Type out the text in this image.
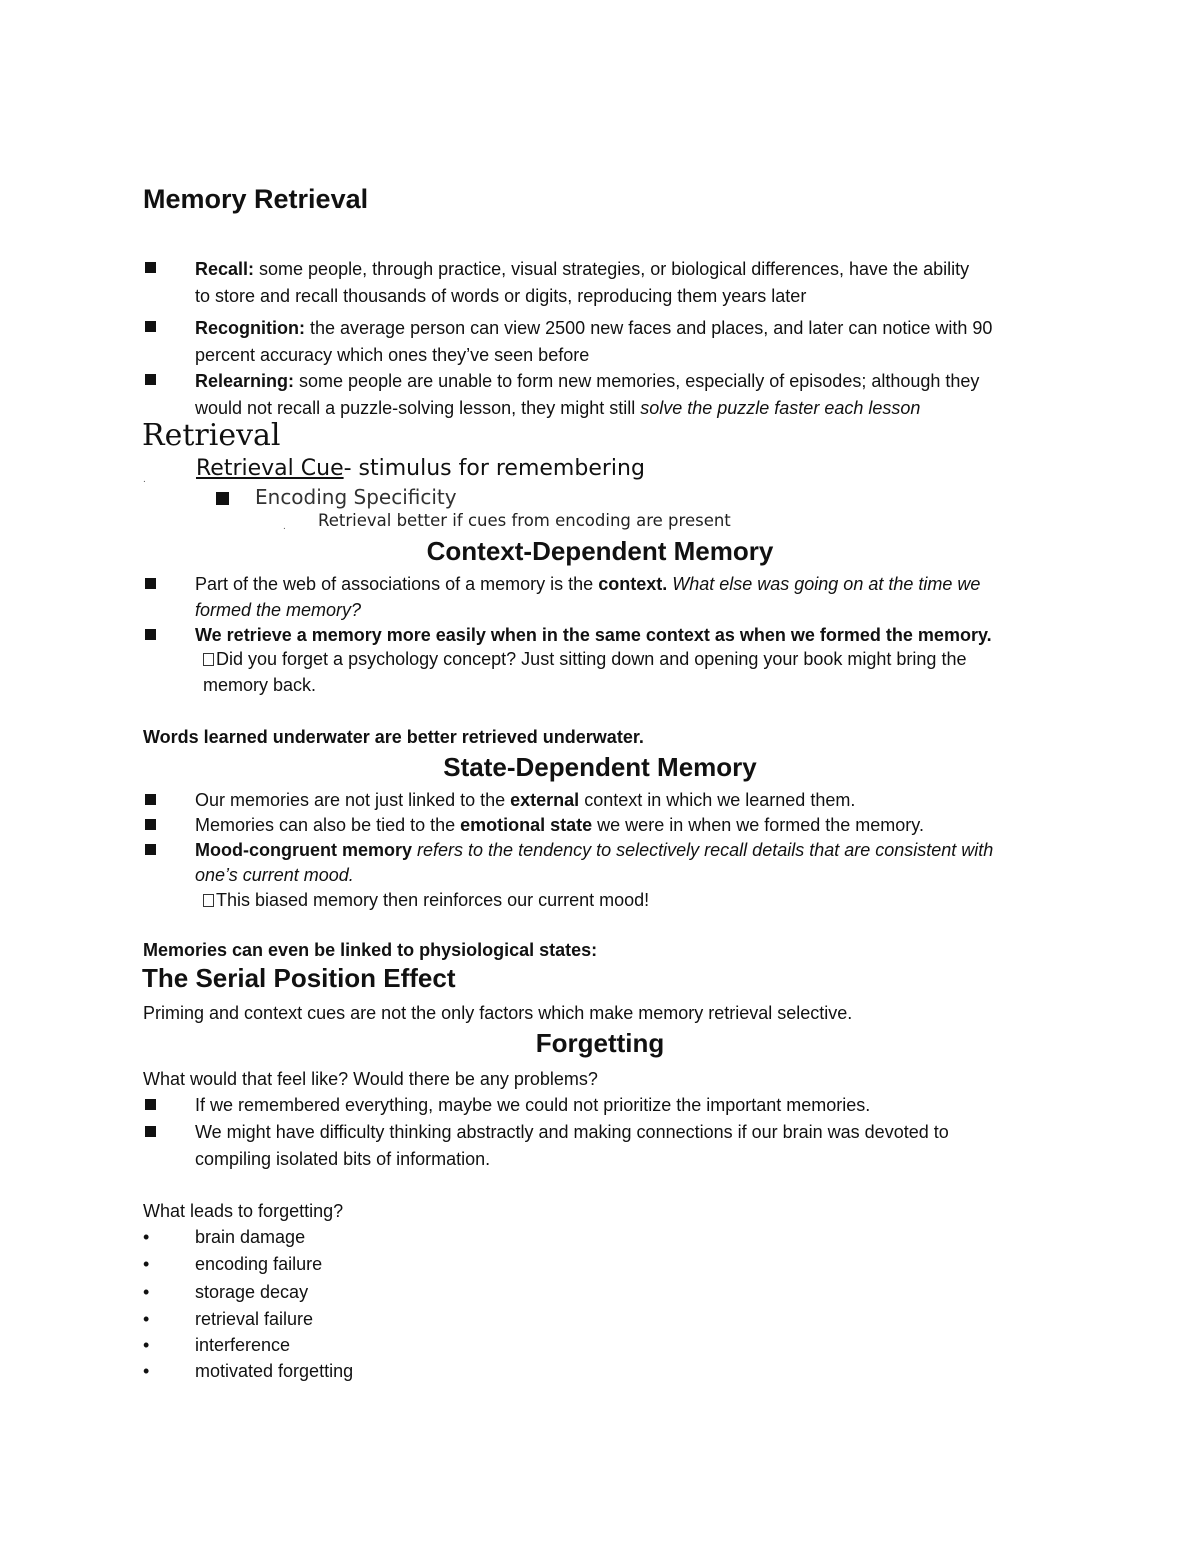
Memory Retrieval
Recall: some people, through practice, visual strategies, or biological differences, have the ability
to store and recall thousands of words or digits, reproducing them years later
Recognition: the average person can view 2500 new faces and places, and later can notice with 90
percent accuracy which ones they’ve seen before
Relearning: some people are unable to form new memories, especially of episodes; although they
would not recall a puzzle-solving lesson, they might still solve the puzzle faster each lesson
Retrieval
. Retrieval Cue- stimulus for remembering
Encoding Specificity
. Retrieval better if cues from encoding are present
Context-Dependent Memory
Part of the web of associations of a memory is the context. What else was going on at the time we
formed the memory?
We retrieve a memory more easily when in the same context as when we formed the memory.
Did you forget a psychology concept? Just sitting down and opening your book might bring the
memory back.
Words learned underwater are better retrieved underwater.
State-Dependent Memory
Our memories are not just linked to the external context in which we learned them.
Memories can also be tied to the emotional state we were in when we formed the memory.
Mood-congruent memory refers to the tendency to selectively recall details that are consistent with
one’s current mood.
This biased memory then reinforces our current mood!
Memories can even be linked to physiological states:
The Serial Position Effect
Priming and context cues are not the only factors which make memory retrieval selective.
Forgetting
What would that feel like? Would there be any problems?
If we remembered everything, maybe we could not prioritize the important memories.
We might have difficulty thinking abstractly and making connections if our brain was devoted to
compiling isolated bits of information.
What leads to forgetting?
•	brain damage
•	encoding failure
•	storage decay
•	retrieval failure
•	interference
•	motivated forgetting
